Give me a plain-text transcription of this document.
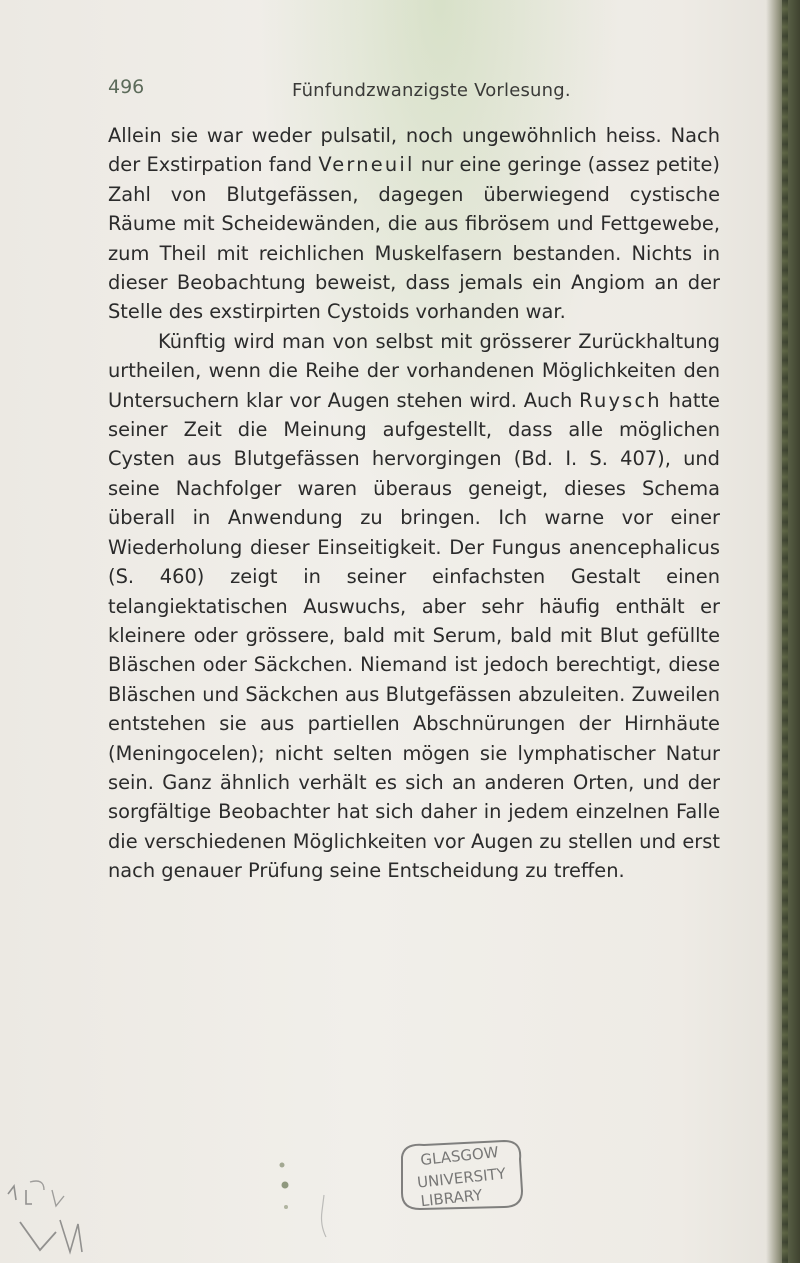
496	Fünfundzwanzigste Vorlesung.

Allein sie war weder pulsatil, noch ungewöhnlich heiss. Nach der Exstirpation fand Verneuil nur eine geringe (assez petite) Zahl von Blutgefässen, dagegen überwiegend cystische Räume mit Scheidewänden, die aus fibrösem und Fettgewebe, zum Theil mit reichlichen Muskelfasern bestanden. Nichts in dieser Beobachtung beweist, dass jemals ein Angiom an der Stelle des exstirpirten Cystoids vorhanden war.

Künftig wird man von selbst mit grösserer Zurückhaltung urtheilen, wenn die Reihe der vorhandenen Möglichkeiten den Untersuchern klar vor Augen stehen wird. Auch Ruysch hatte seiner Zeit die Meinung aufgestellt, dass alle möglichen Cysten aus Blutgefässen hervorgingen (Bd. I. S. 407), und seine Nachfolger waren überaus geneigt, dieses Schema überall in Anwendung zu bringen. Ich warne vor einer Wiederholung dieser Einseitigkeit. Der Fungus anencephalicus (S. 460) zeigt in seiner einfachsten Gestalt einen telangiektatischen Auswuchs, aber sehr häufig enthält er kleinere oder grössere, bald mit Serum, bald mit Blut gefüllte Bläschen oder Säckchen. Niemand ist jedoch berechtigt, diese Bläschen und Säckchen aus Blutgefässen abzuleiten. Zuweilen entstehen sie aus partiellen Abschnürungen der Hirnhäute (Meningocelen); nicht selten mögen sie lymphatischer Natur sein. Ganz ähnlich verhält es sich an anderen Orten, und der sorgfältige Beobachter hat sich daher in jedem einzelnen Falle die verschiedenen Möglichkeiten vor Augen zu stellen und erst nach genauer Prüfung seine Entscheidung zu treffen.

GLASGOW
UNIVERSITY
LIBRARY
